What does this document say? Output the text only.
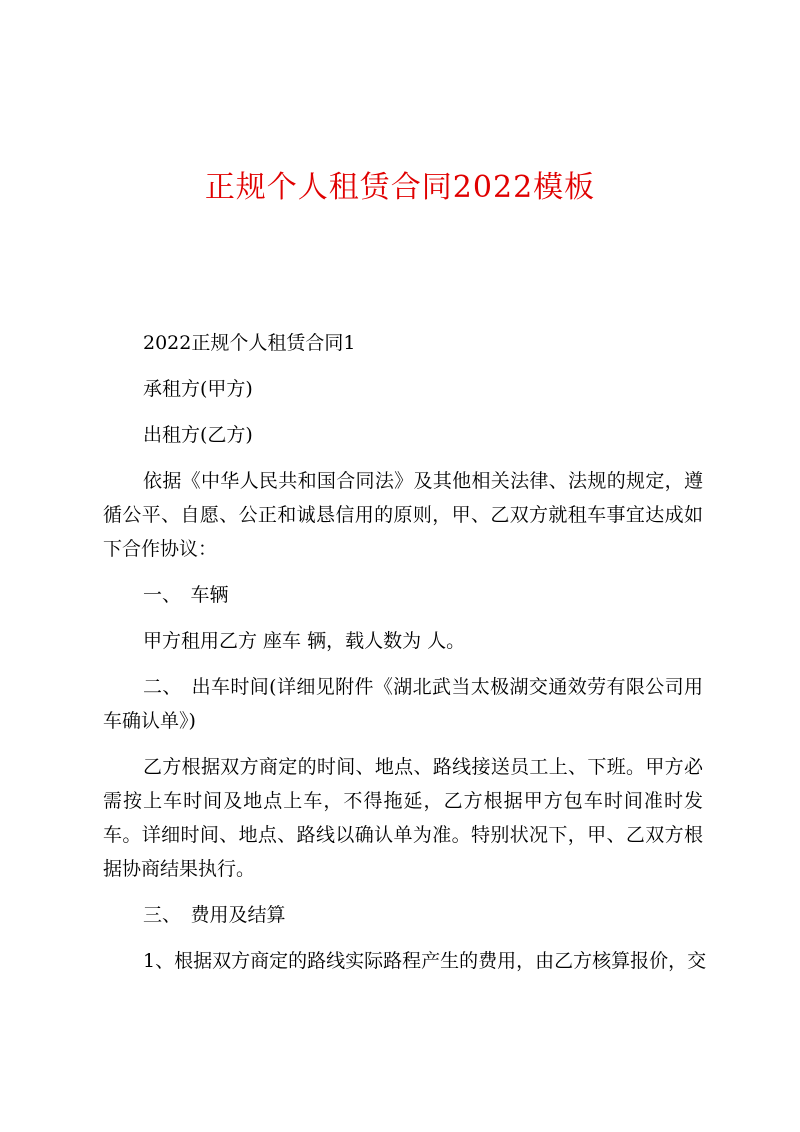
正规个人租赁合同2022模板

2022正规个人租赁合同1

承租方(甲方)

出租方(乙方)

依据《中华人民共和国合同法》及其他相关法律、法规的规定，遵循公平、自愿、公正和诚恳信用的原则，甲、乙双方就租车事宜达成如下合作协议：

一、　车辆

甲方租用乙方 座车 辆，载人数为 人。

二、　出车时间(详细见附件《湖北武当太极湖交通效劳有限公司用车确认单》)

乙方根据双方商定的时间、地点、路线接送员工上、下班。甲方必需按上车时间及地点上车，不得拖延，乙方根据甲方包车时间准时发车。详细时间、地点、路线以确认单为准。特别状况下，甲、乙双方根据协商结果执行。

三、　费用及结算

1、根据双方商定的路线实际路程产生的费用，由乙方核算报价，交
